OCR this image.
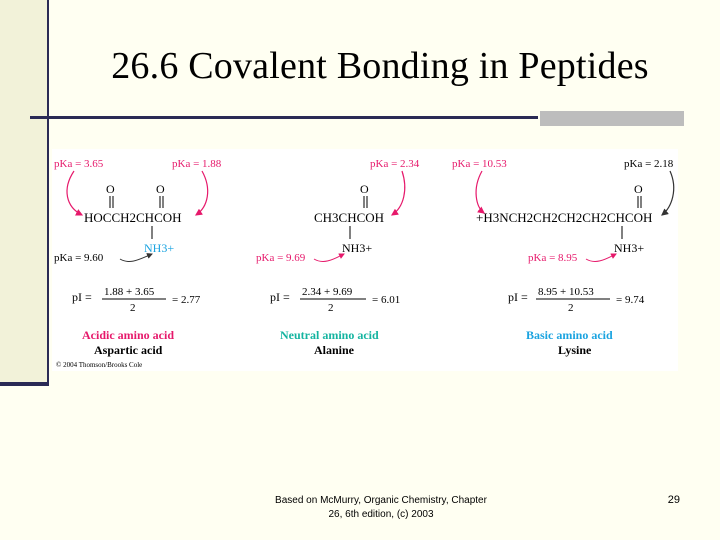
26.6 Covalent Bonding in Peptides
pKa = 3.65	pKa = 1.88
O	O
HOCCH2CHCOH
NH3+
pKa = 9.60
pI = 1.88 + 3.65
2
= 2.77
Acidic amino acid
Aspartic acid
pKa = 2.34
O
CH3CHCOH
NH3+
pKa = 9.69
pI = 2.34 + 9.69
2
= 6.01
Neutral amino acid
Alanine
pKa = 10.53	pKa = 2.18
O
+H3NCH2CH2CH2CH2CHCOH
NH3+
pKa = 8.95
pI = 8.95 + 10.53
2
= 9.74
Basic amino acid
Lysine
© 2004 Thomson/Brooks Cole
Based on McMurry, Organic Chemistry, Chapter
26, 6th edition, (c) 2003
29
